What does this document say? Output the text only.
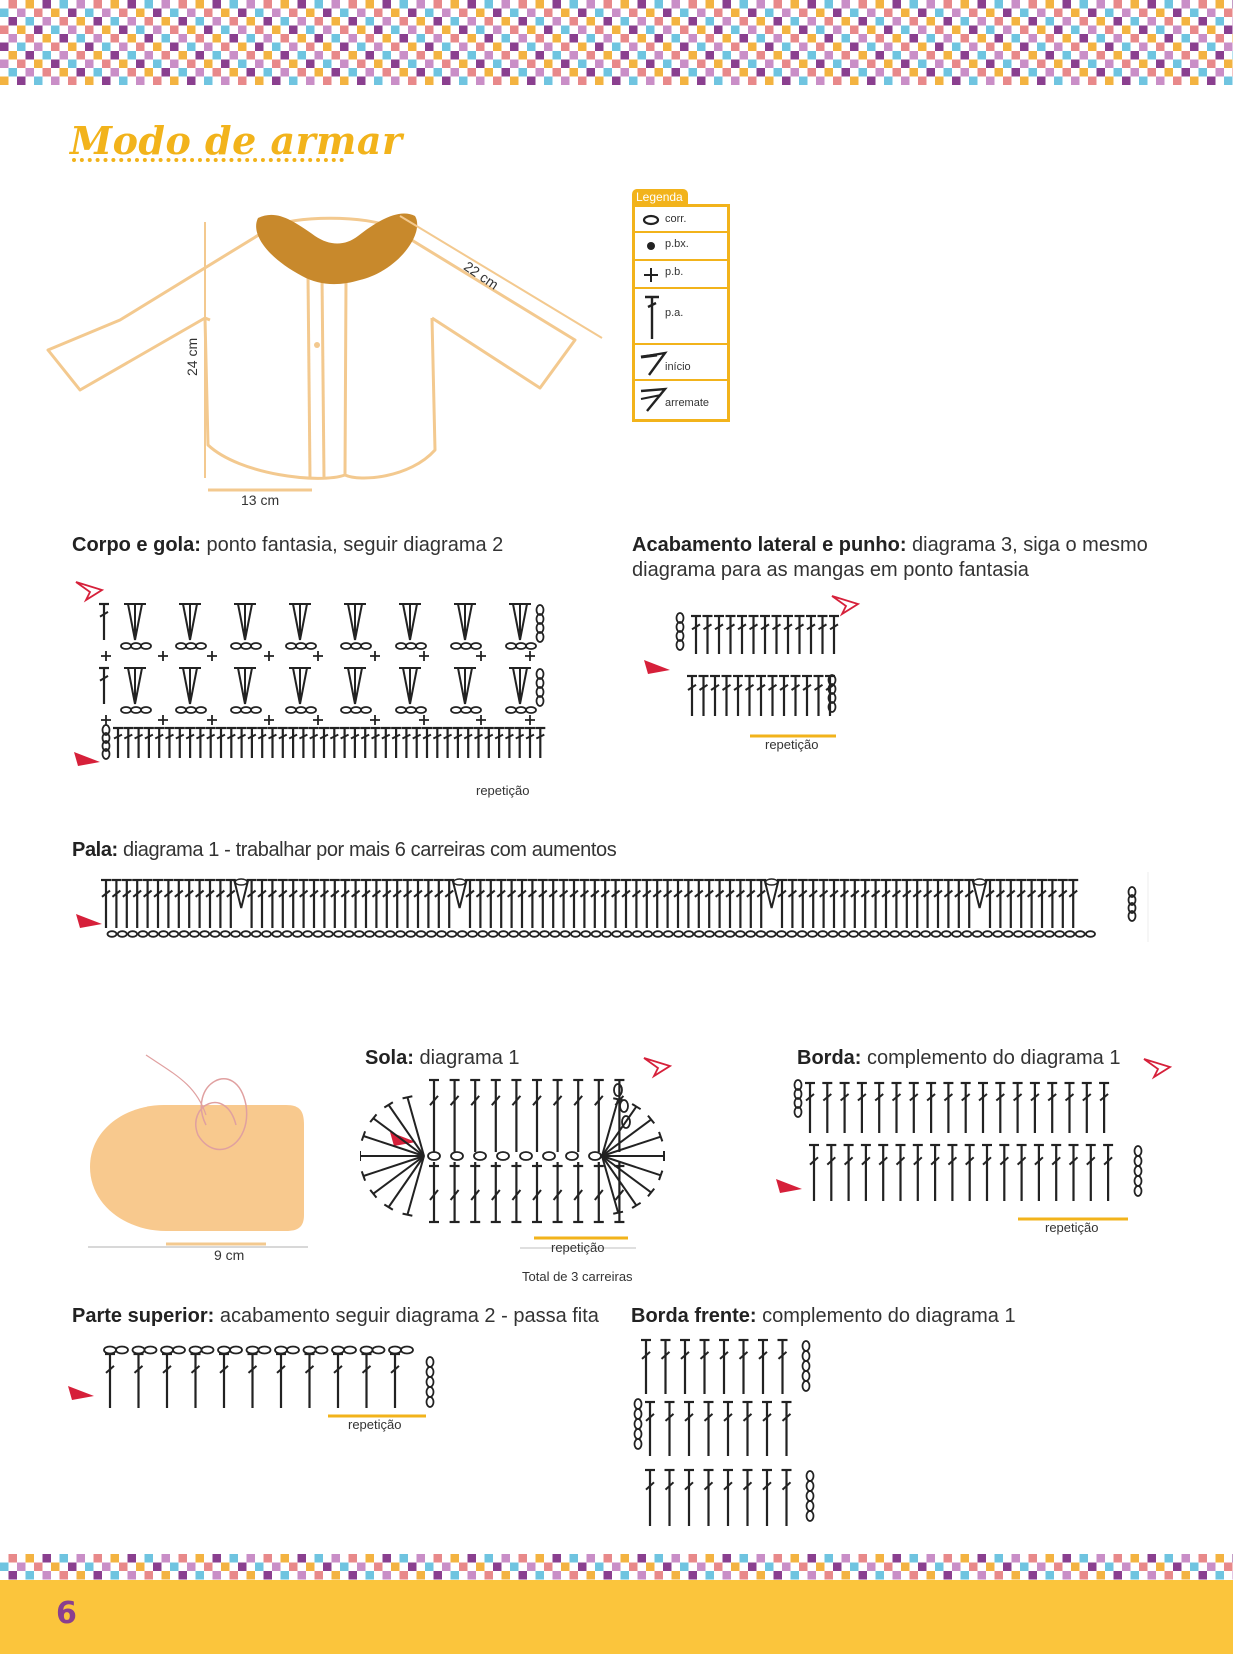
6
Modo de armar
22 cm
24 cm
13 cm
Legenda
corr.
p.bx.
p.b.
p.a.
início
arremate
Corpo e gola: ponto fantasia, seguir diagrama 2
repetição
Acabamento lateral e punho: diagrama 3, siga o mesmo diagrama para as mangas em ponto fantasia
repetição
Pala: diagrama 1 - trabalhar por mais 6 carreiras com aumentos
9 cm
Sola: diagrama 1
repetição
Total de 3 carreiras
Borda: complemento do diagrama 1
repetição
Parte superior: acabamento seguir diagrama 2 - passa fita
repetição
Borda frente: complemento do diagrama 1
